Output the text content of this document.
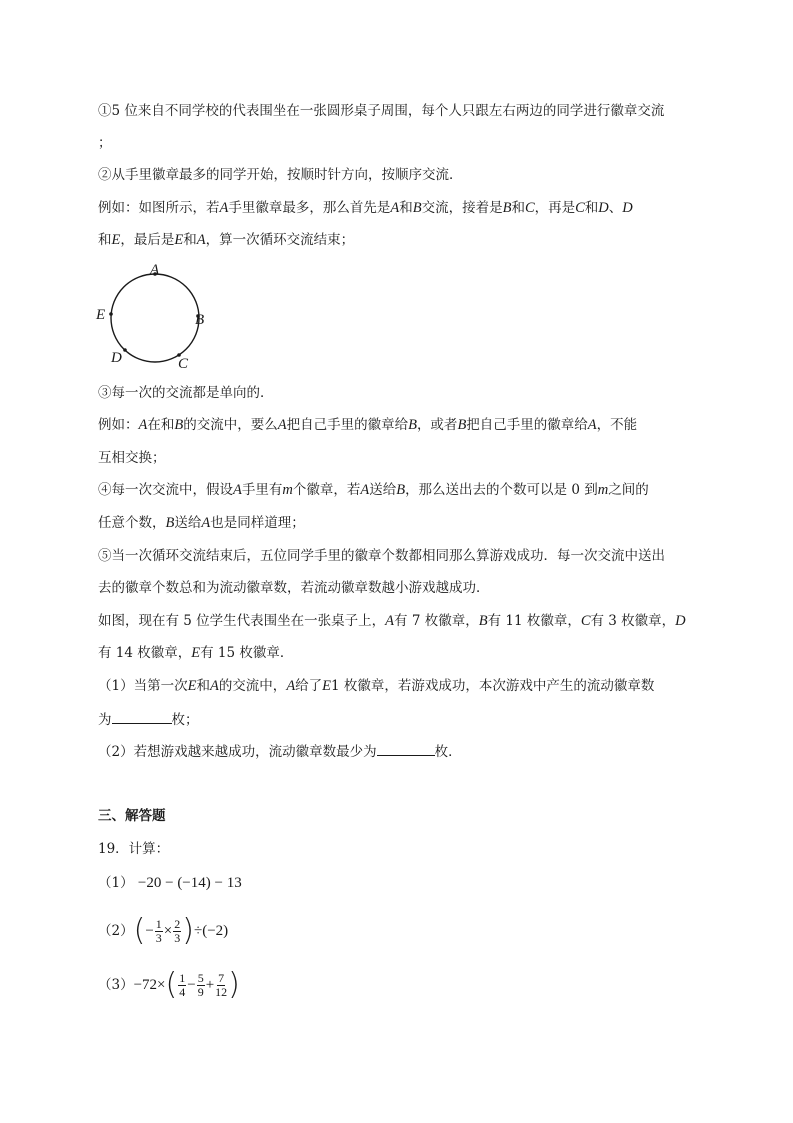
①5 位来自不同学校的代表围坐在一张圆形桌子周围，每个人只跟左右两边的同学进行徽章交流
；
②从手里徽章最多的同学开始，按顺时针方向，按顺序交流．
例如：如图所示，若A手里徽章最多，那么首先是A和B交流，接着是B和C，再是C和D、D
和E，最后是E和A，算一次循环交流结束；
A
B
C
D
E
③每一次的交流都是单向的．
例如：A在和B的交流中，要么A把自己手里的徽章给B，或者B把自己手里的徽章给A，不能
互相交换；
④每一次交流中，假设A手里有m个徽章，若A送给B，那么送出去的个数可以是 0 到m之间的
任意个数，B送给A也是同样道理；
⑤当一次循环交流结束后，五位同学手里的徽章个数都相同那么算游戏成功．每一次交流中送出
去的徽章个数总和为流动徽章数，若流动徽章数越小游戏越成功．
如图，现在有 5 位学生代表围坐在一张桌子上，A有 7 枚徽章，B有 11 枚徽章，C有 3 枚徽章，D
有 14 枚徽章，E有 15 枚徽章．
（1）当第一次E和A的交流中，A给了E1 枚徽章，若游戏成功，本次游戏中产生的流动徽章数
为	枚；
（2）若想游戏越来越成功，流动徽章数最少为	枚．
三、解答题
19．计算：
（1） −20 − (−14) − 13
（2） ( − $\frac{1}{3} \times \frac{2}{3}$ ) ÷ (−2)
（3） −72× ( $\frac{1}{4} - \frac{5}{9} + \frac{7}{12}$ )
